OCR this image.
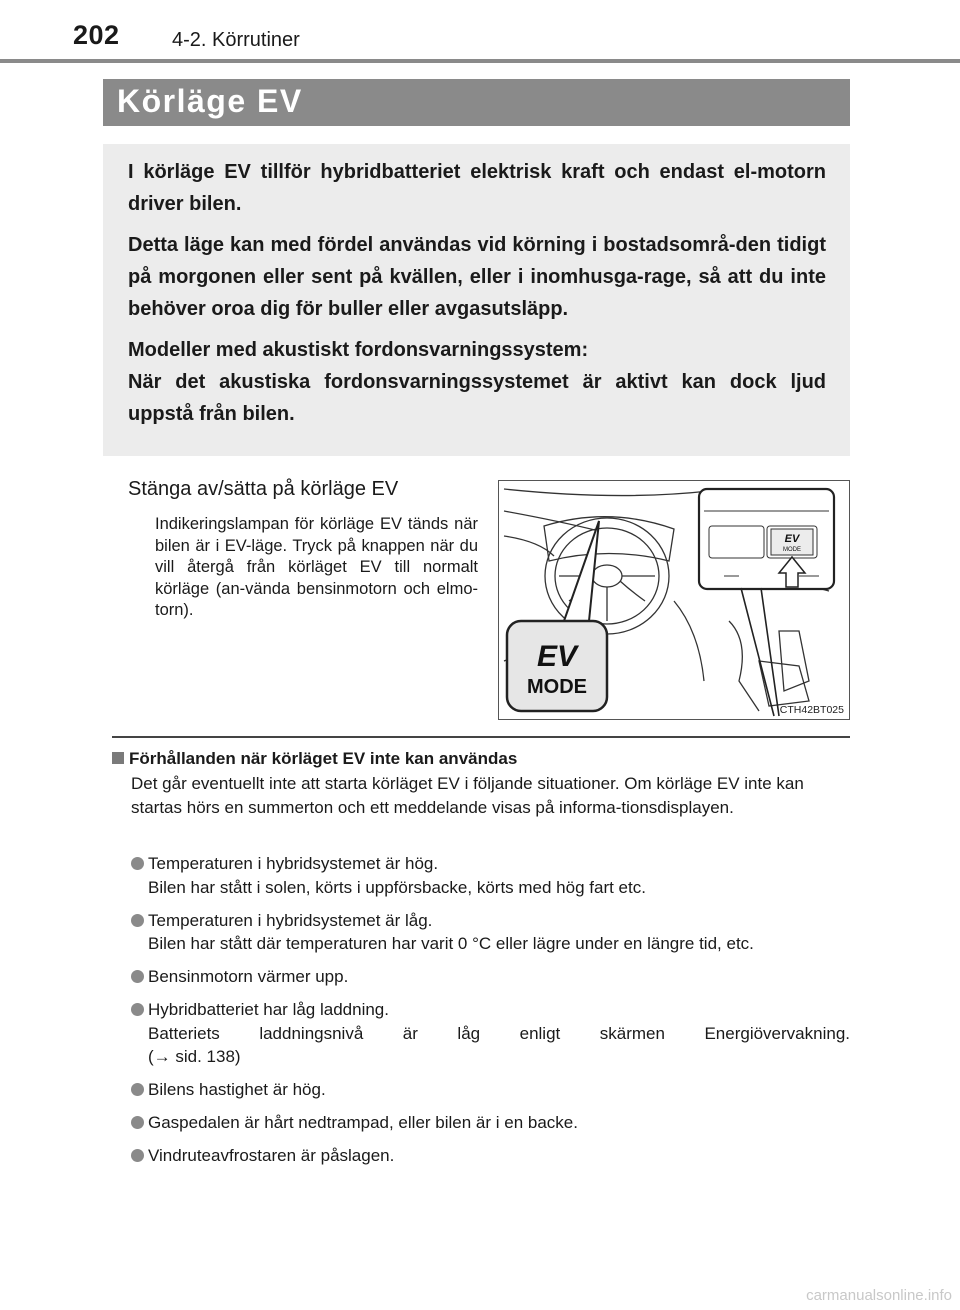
202	4-2. Körrutiner
Körläge EV

I körläge EV tillför hybridbatteriet elektrisk kraft och endast el-motorn driver bilen.

Detta läge kan med fördel användas vid körning i bostadsområ-den tidigt på morgonen eller sent på kvällen, eller i inomhusga-rage, så att du inte behöver oroa dig för buller eller avgasutsläpp.

Modeller med akustiskt fordonsvarningssystem:

När det akustiska fordonsvarningssystemet är aktivt kan dock ljud uppstå från bilen.

Stänga av/sätta på körläge EV
Indikeringslampan för körläge EV tänds när bilen är i EV-läge. Tryck på knappen när du vill återgå från körläget EV till normalt körläge (an-vända bensinmotorn och elmo-torn).
EV
MODE
EV
MODE
CTH42BT025
Förhållanden när körläget EV inte kan användas
Det går eventuellt inte att starta körläget EV i följande situationer. Om körläge EV inte kan startas hörs en summerton och ett meddelande visas på informa-tionsdisplayen.
Temperaturen i hybridsystemet är hög.
Bilen har stått i solen, körts i uppförsbacke, körts med hög fart etc.
Temperaturen i hybridsystemet är låg.
Bilen har stått där temperaturen har varit 0 °C eller lägre under en längre tid, etc.
Bensinmotorn värmer upp.
Hybridbatteriet har låg laddning.
Batteriets laddningsnivå är låg enligt skärmen Energiövervakning.
(→ sid. 138)
Bilens hastighet är hög.
Gaspedalen är hårt nedtrampad, eller bilen är i en backe.
Vindruteavfrostaren är påslagen.
carmanualsonline.info
